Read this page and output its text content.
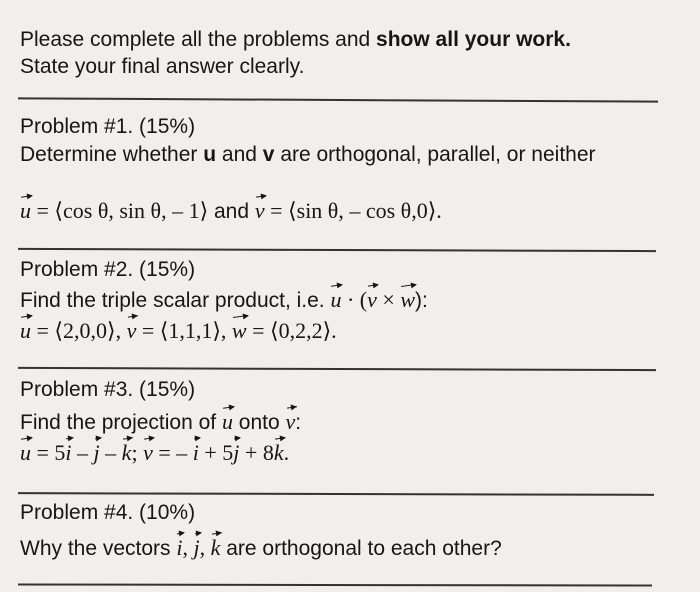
Please complete all the problems and show all your work.
State your final answer clearly.
Problem #1. (15%)
Determine whether u and v are orthogonal, parallel, or neither
u = ⟨cos θ, sin θ, – 1⟩ and v = ⟨sin θ, – cos θ,0⟩.
Problem #2. (15%)
Find the triple scalar product, i.e. u · (v × w):
u = ⟨2,0,0⟩, v = ⟨1,1,1⟩, w = ⟨0,2,2⟩.
Problem #3. (15%)
Find the projection of u onto v:
u = 5i – j – k; v = – i + 5j + 8k.
Problem #4. (10%)
Why the vectors i, j, k are orthogonal to each other?
